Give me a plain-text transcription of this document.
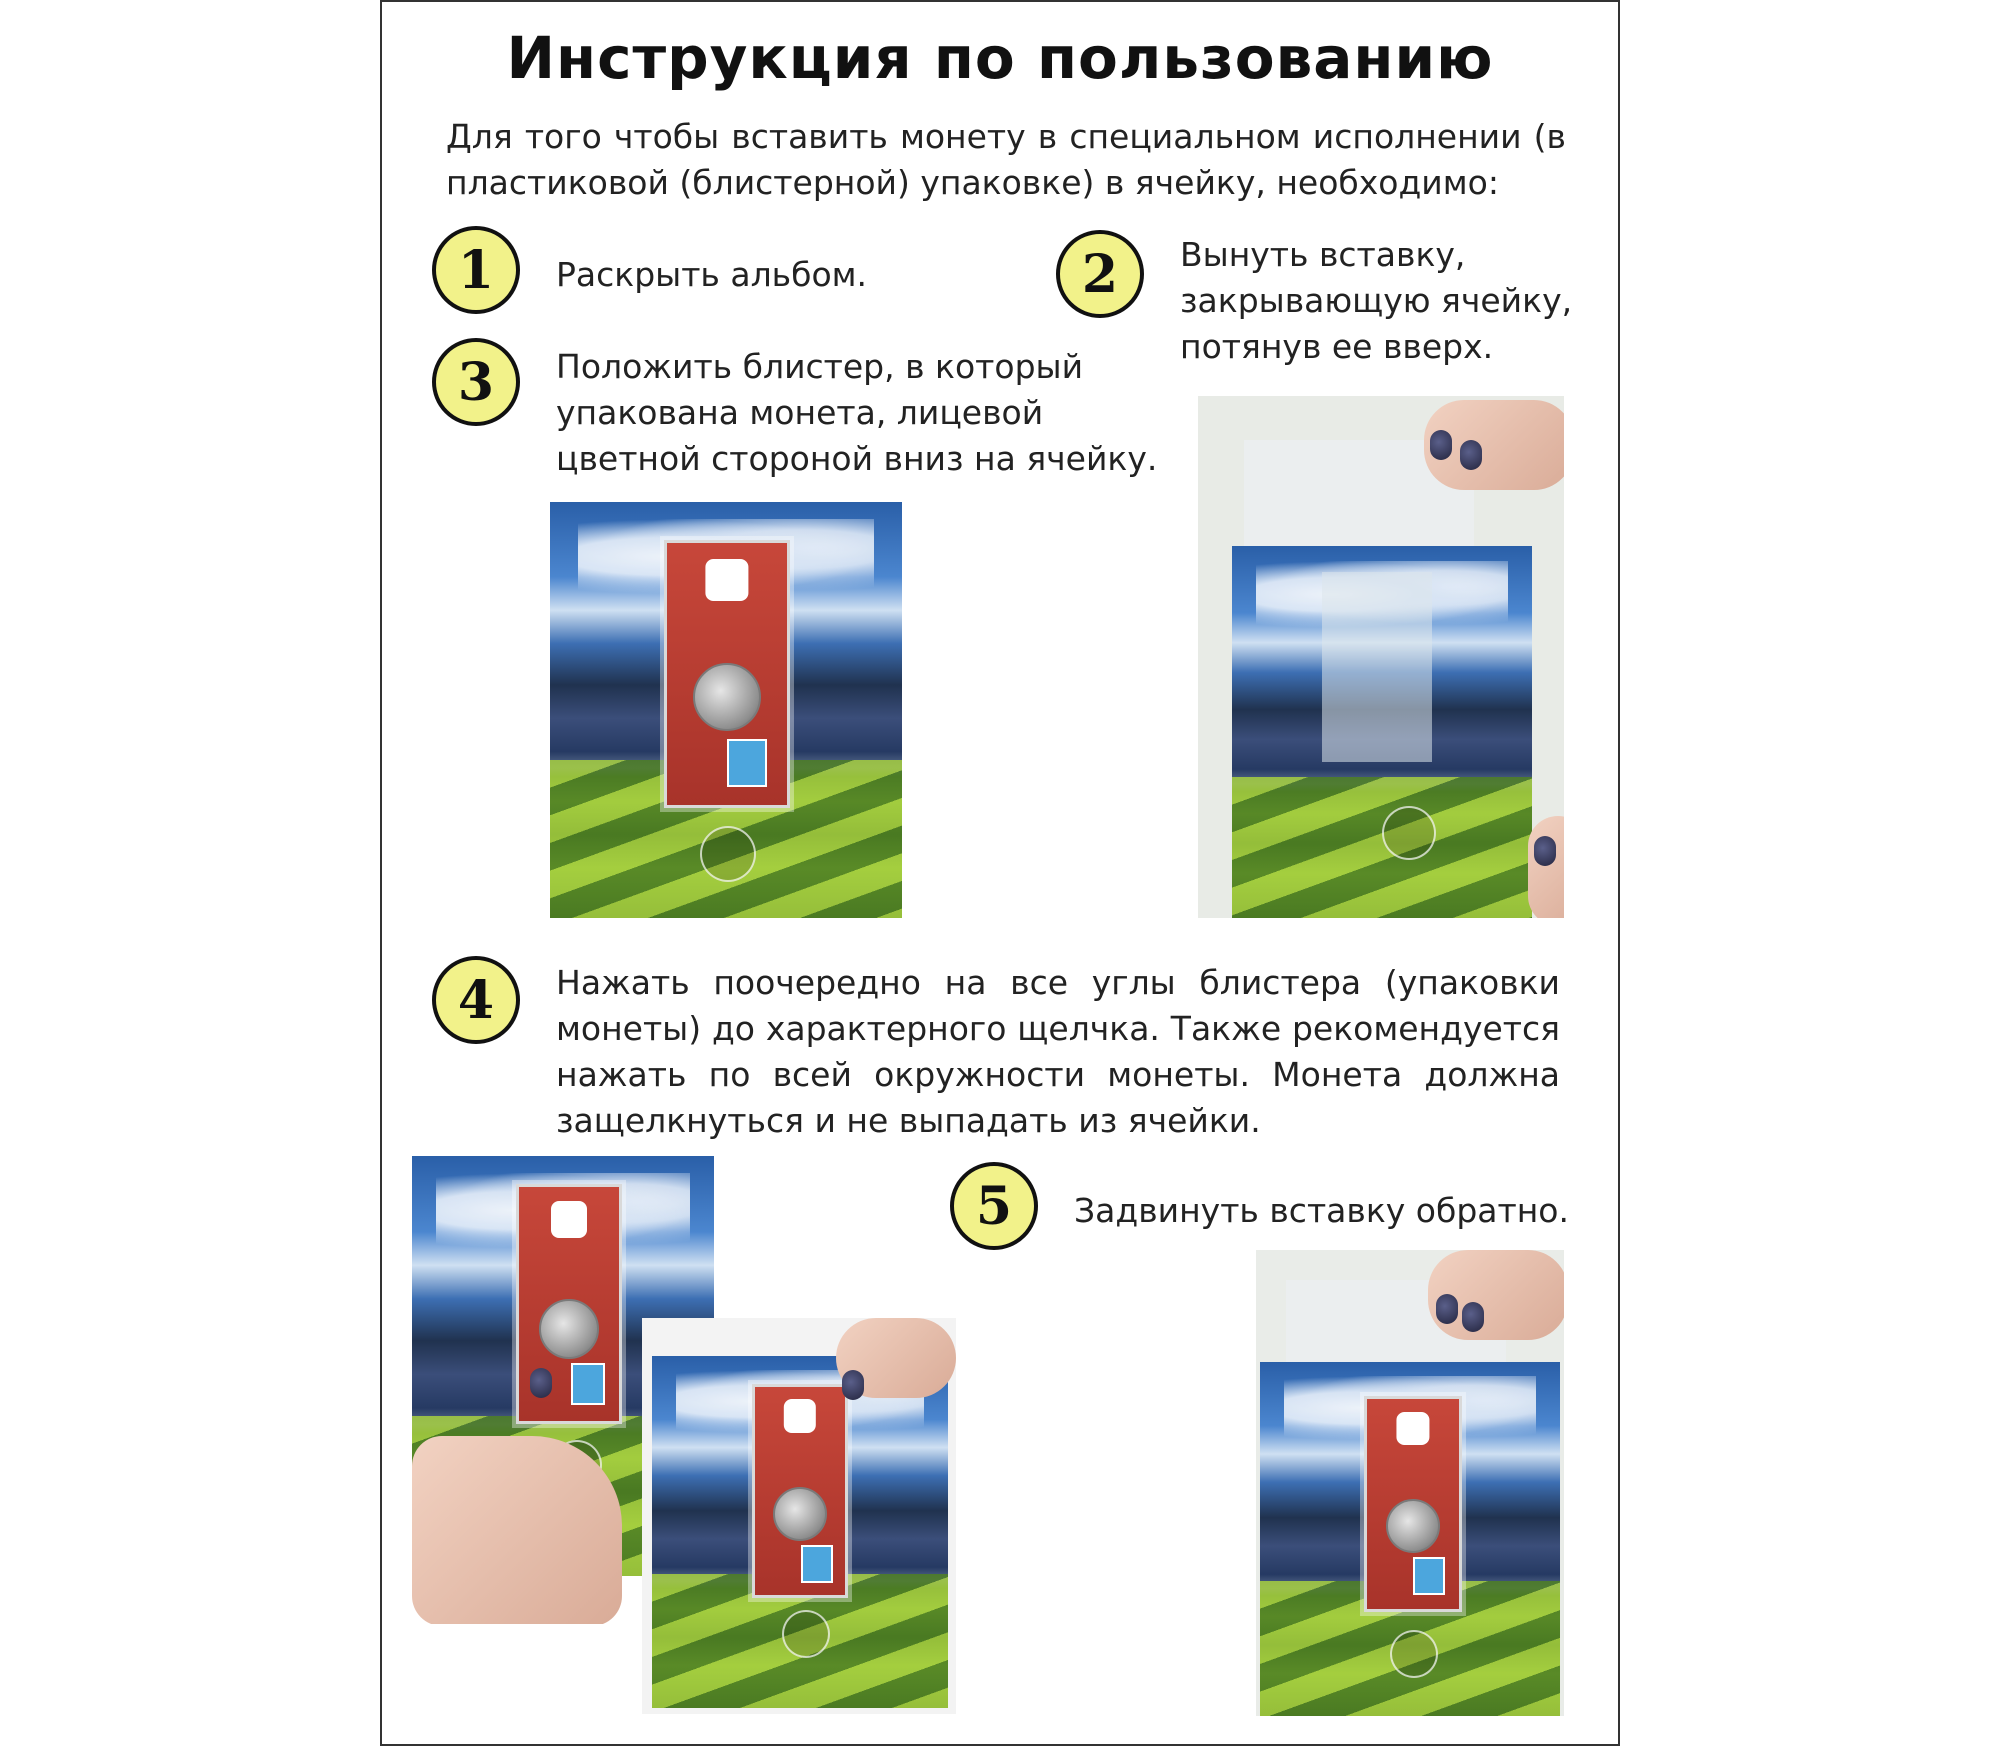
Инструкция по пользованию
Для того чтобы вставить монету в специальном исполнении (в пластиковой (блистерной) упаковке) в ячейку, необходимо:
1	Раскрыть альбом.	2	Вынуть вставку, закрывающую ячейку, потянув ее вверх.
3	Положить блистер, в который упакована монета, лицевой цветной стороной вниз на ячейку.
4	Нажать поочередно на все углы блистера (упаковки монеты) до характерного щелчка. Также рекомендуется нажать по всей окружности монеты. Монета должна защелкнуться и не выпадать из ячейки.
5	Задвинуть вставку обратно.
